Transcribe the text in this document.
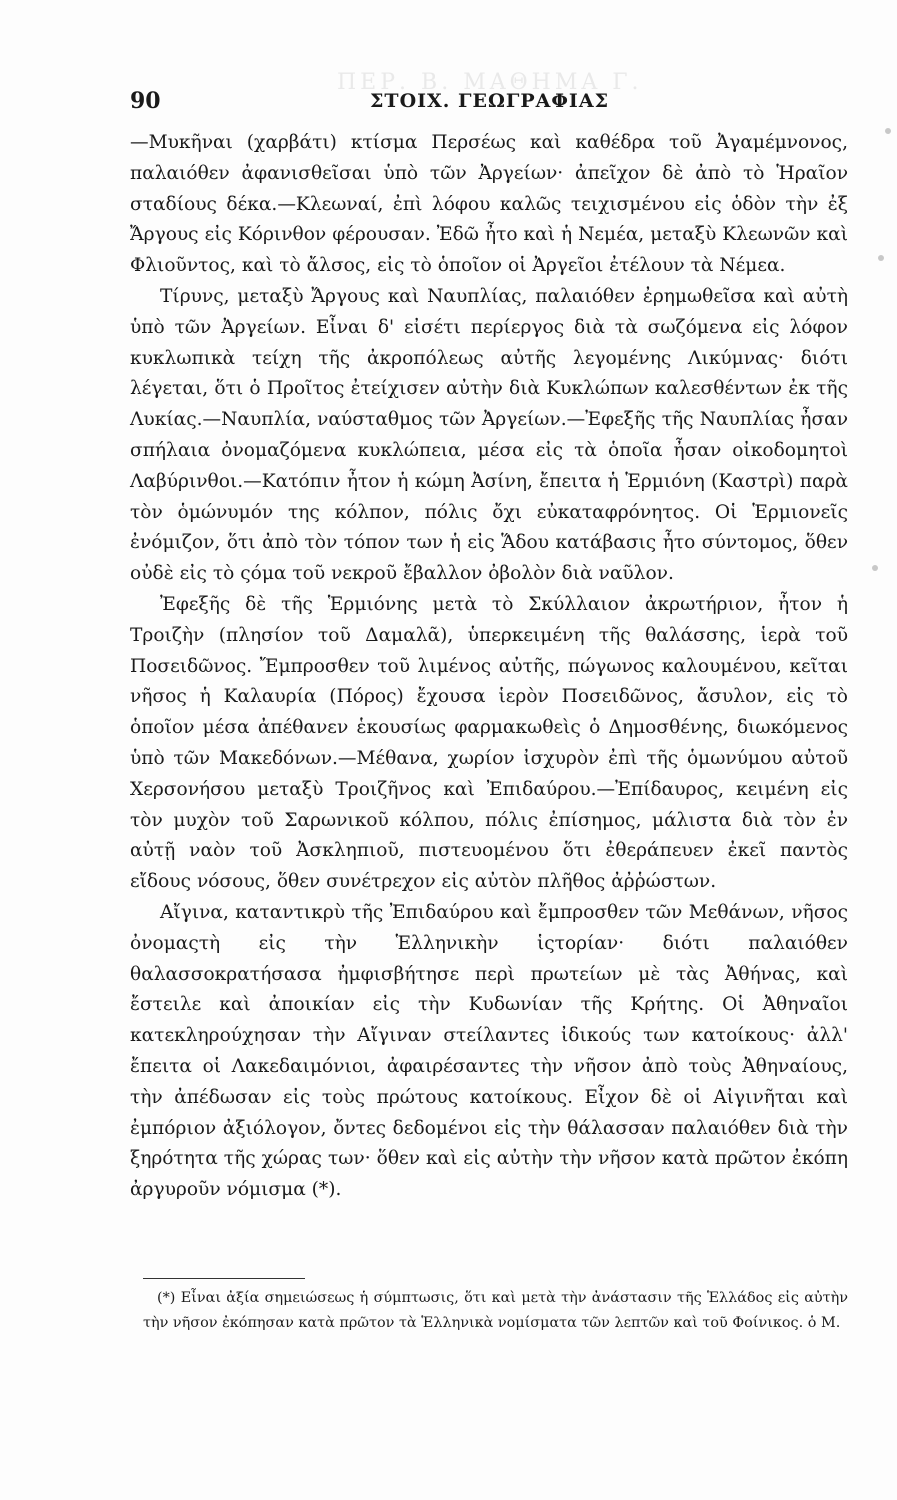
ΠΕΡ. Β. ΜΑΘΗΜΑ Γ.
90	ΣΤΟΙΧ. ΓΕΩΓΡΑΦΙΑΣ

—Μυκῆναι (χαρβάτι) κτίσμα Περσέως καὶ καθέδρα τοῦ Ἀγαμέμνονος, παλαιόθεν ἀφανισθεῖσαι ὑπὸ τῶν Ἀργείων· ἀπεῖχον δὲ ἀπὸ τὸ Ἡραῖον σταδίους δέκα.—Κλεωναί, ἐπὶ λόφου καλῶς τειχισμένου εἰς ὁδὸν τὴν ἐξ Ἄργους εἰς Κόρινθον φέρουσαν. Ἐδῶ ἦτο καὶ ἡ Νεμέα, μεταξὺ Κλεωνῶν καὶ Φλιοῦντος, καὶ τὸ ἄλσος, εἰς τὸ ὁποῖον οἱ Ἀργεῖοι ἐτέλουν τὰ Νέμεα.

Τίρυνς, μεταξὺ Ἄργους καὶ Ναυπλίας, παλαιόθεν ἐρημωθεῖσα καὶ αὐτὴ ὑπὸ τῶν Ἀργείων. Εἶναι δ' εἰσέτι περίεργος διὰ τὰ σωζόμενα εἰς λόφον κυκλωπικὰ τείχη τῆς ἀκροπόλεως αὐτῆς λεγομένης Λικύμνας· διότι λέγεται, ὅτι ὁ Προῖτος ἐτείχισεν αὐτὴν διὰ Κυκλώπων καλεσθέντων ἐκ τῆς Λυκίας.—Ναυπλία, ναύσταθμος τῶν Ἀργείων.—Ἐφεξῆς τῆς Ναυπλίας ἦσαν σπήλαια ὀνομαζόμενα κυκλώπεια, μέσα εἰς τὰ ὁποῖα ἦσαν οἰκοδομητοὶ Λαβύρινθοι.—Κατόπιν ἦτον ἡ κώμη Ἀσίνη, ἔπειτα ἡ Ἑρμιόνη (Καστρὶ) παρὰ τὸν ὁμώνυμόν της κόλπον, πόλις ὄχι εὐκαταφρόνητος. Οἱ Ἑρμιονεῖς ἐνόμιζον, ὅτι ἀπὸ τὸν τόπον των ἡ εἰς Ἅδου κατάβασις ἦτο σύντομος, ὅθεν οὐδὲ εἰς τὸ ςόμα τοῦ νεκροῦ ἔβαλλον ὀβολὸν διὰ ναῦλον.

Ἐφεξῆς δὲ τῆς Ἑρμιόνης μετὰ τὸ Σκύλλαιον ἀκρωτήριον, ἦτον ἡ Τροιζὴν (πλησίον τοῦ Δαμαλᾶ), ὑπερκειμένη τῆς θαλάσσης, ἱερὰ τοῦ Ποσειδῶνος. Ἔμπροσθεν τοῦ λιμένος αὐτῆς, πώγωνος καλουμένου, κεῖται νῆσος ἡ Καλαυρία (Πόρος) ἔχουσα ἱερὸν Ποσειδῶνος, ἄσυλον, εἰς τὸ ὁποῖον μέσα ἀπέθανεν ἑκουσίως φαρμακωθεὶς ὁ Δημοσθένης, διωκόμενος ὑπὸ τῶν Μακεδόνων.—Μέθανα, χωρίον ἰσχυρὸν ἐπὶ τῆς ὁμωνύμου αὐτοῦ Χερσονήσου μεταξὺ Τροιζῆνος καὶ Ἐπιδαύρου.—Ἐπίδαυρος, κειμένη εἰς τὸν μυχὸν τοῦ Σαρωνικοῦ κόλπου, πόλις ἐπίσημος, μάλιστα διὰ τὸν ἐν αὐτῇ ναὸν τοῦ Ἀσκληπιοῦ, πιστευομένου ὅτι ἐθεράπευεν ἐκεῖ παντὸς εἴδους νόσους, ὅθεν συνέτρεχον εἰς αὐτὸν πλῆθος ἀῤῥώστων.

Αἴγινα, καταντικρὺ τῆς Ἐπιδαύρου καὶ ἔμπροσθεν τῶν Μεθάνων, νῆσος ὀνομαςτὴ εἰς τὴν Ἑλληνικὴν ἱςτορίαν· διότι παλαιόθεν θαλασσοκρατήσασα ἠμφισβήτησε περὶ πρωτείων μὲ τὰς Ἀθήνας, καὶ ἔστειλε καὶ ἀποικίαν εἰς τὴν Κυδωνίαν τῆς Κρήτης. Οἱ Ἀθηναῖοι κατεκληρούχησαν τὴν Αἴγιναν στείλαντες ἰδικούς των κατοίκους· ἀλλ' ἔπειτα οἱ Λακεδαιμόνιοι, ἀφαιρέσαντες τὴν νῆσον ἀπὸ τοὺς Ἀθηναίους, τὴν ἀπέδωσαν εἰς τοὺς πρώτους κατοίκους. Εἶχον δὲ οἱ Αἰγινῆται καὶ ἐμπόριον ἀξιόλογον, ὄντες δεδομένοι εἰς τὴν θάλασσαν παλαιόθεν διὰ τὴν ξηρότητα τῆς χώρας των· ὅθεν καὶ εἰς αὐτὴν τὴν νῆσον κατὰ πρῶτον ἐκόπη ἀργυροῦν νόμισμα (*).

(*) Εἶναι ἀξία σημειώσεως ἡ σύμπτωσις, ὅτι καὶ μετὰ τὴν ἀνάστασιν τῆς Ἑλλάδος εἰς αὐτὴν τὴν νῆσον ἐκόπησαν κατὰ πρῶτον τὰ Ἑλληνικὰ νομίσματα τῶν λεπτῶν καὶ τοῦ Φοίνικος. ὁ Μ.
